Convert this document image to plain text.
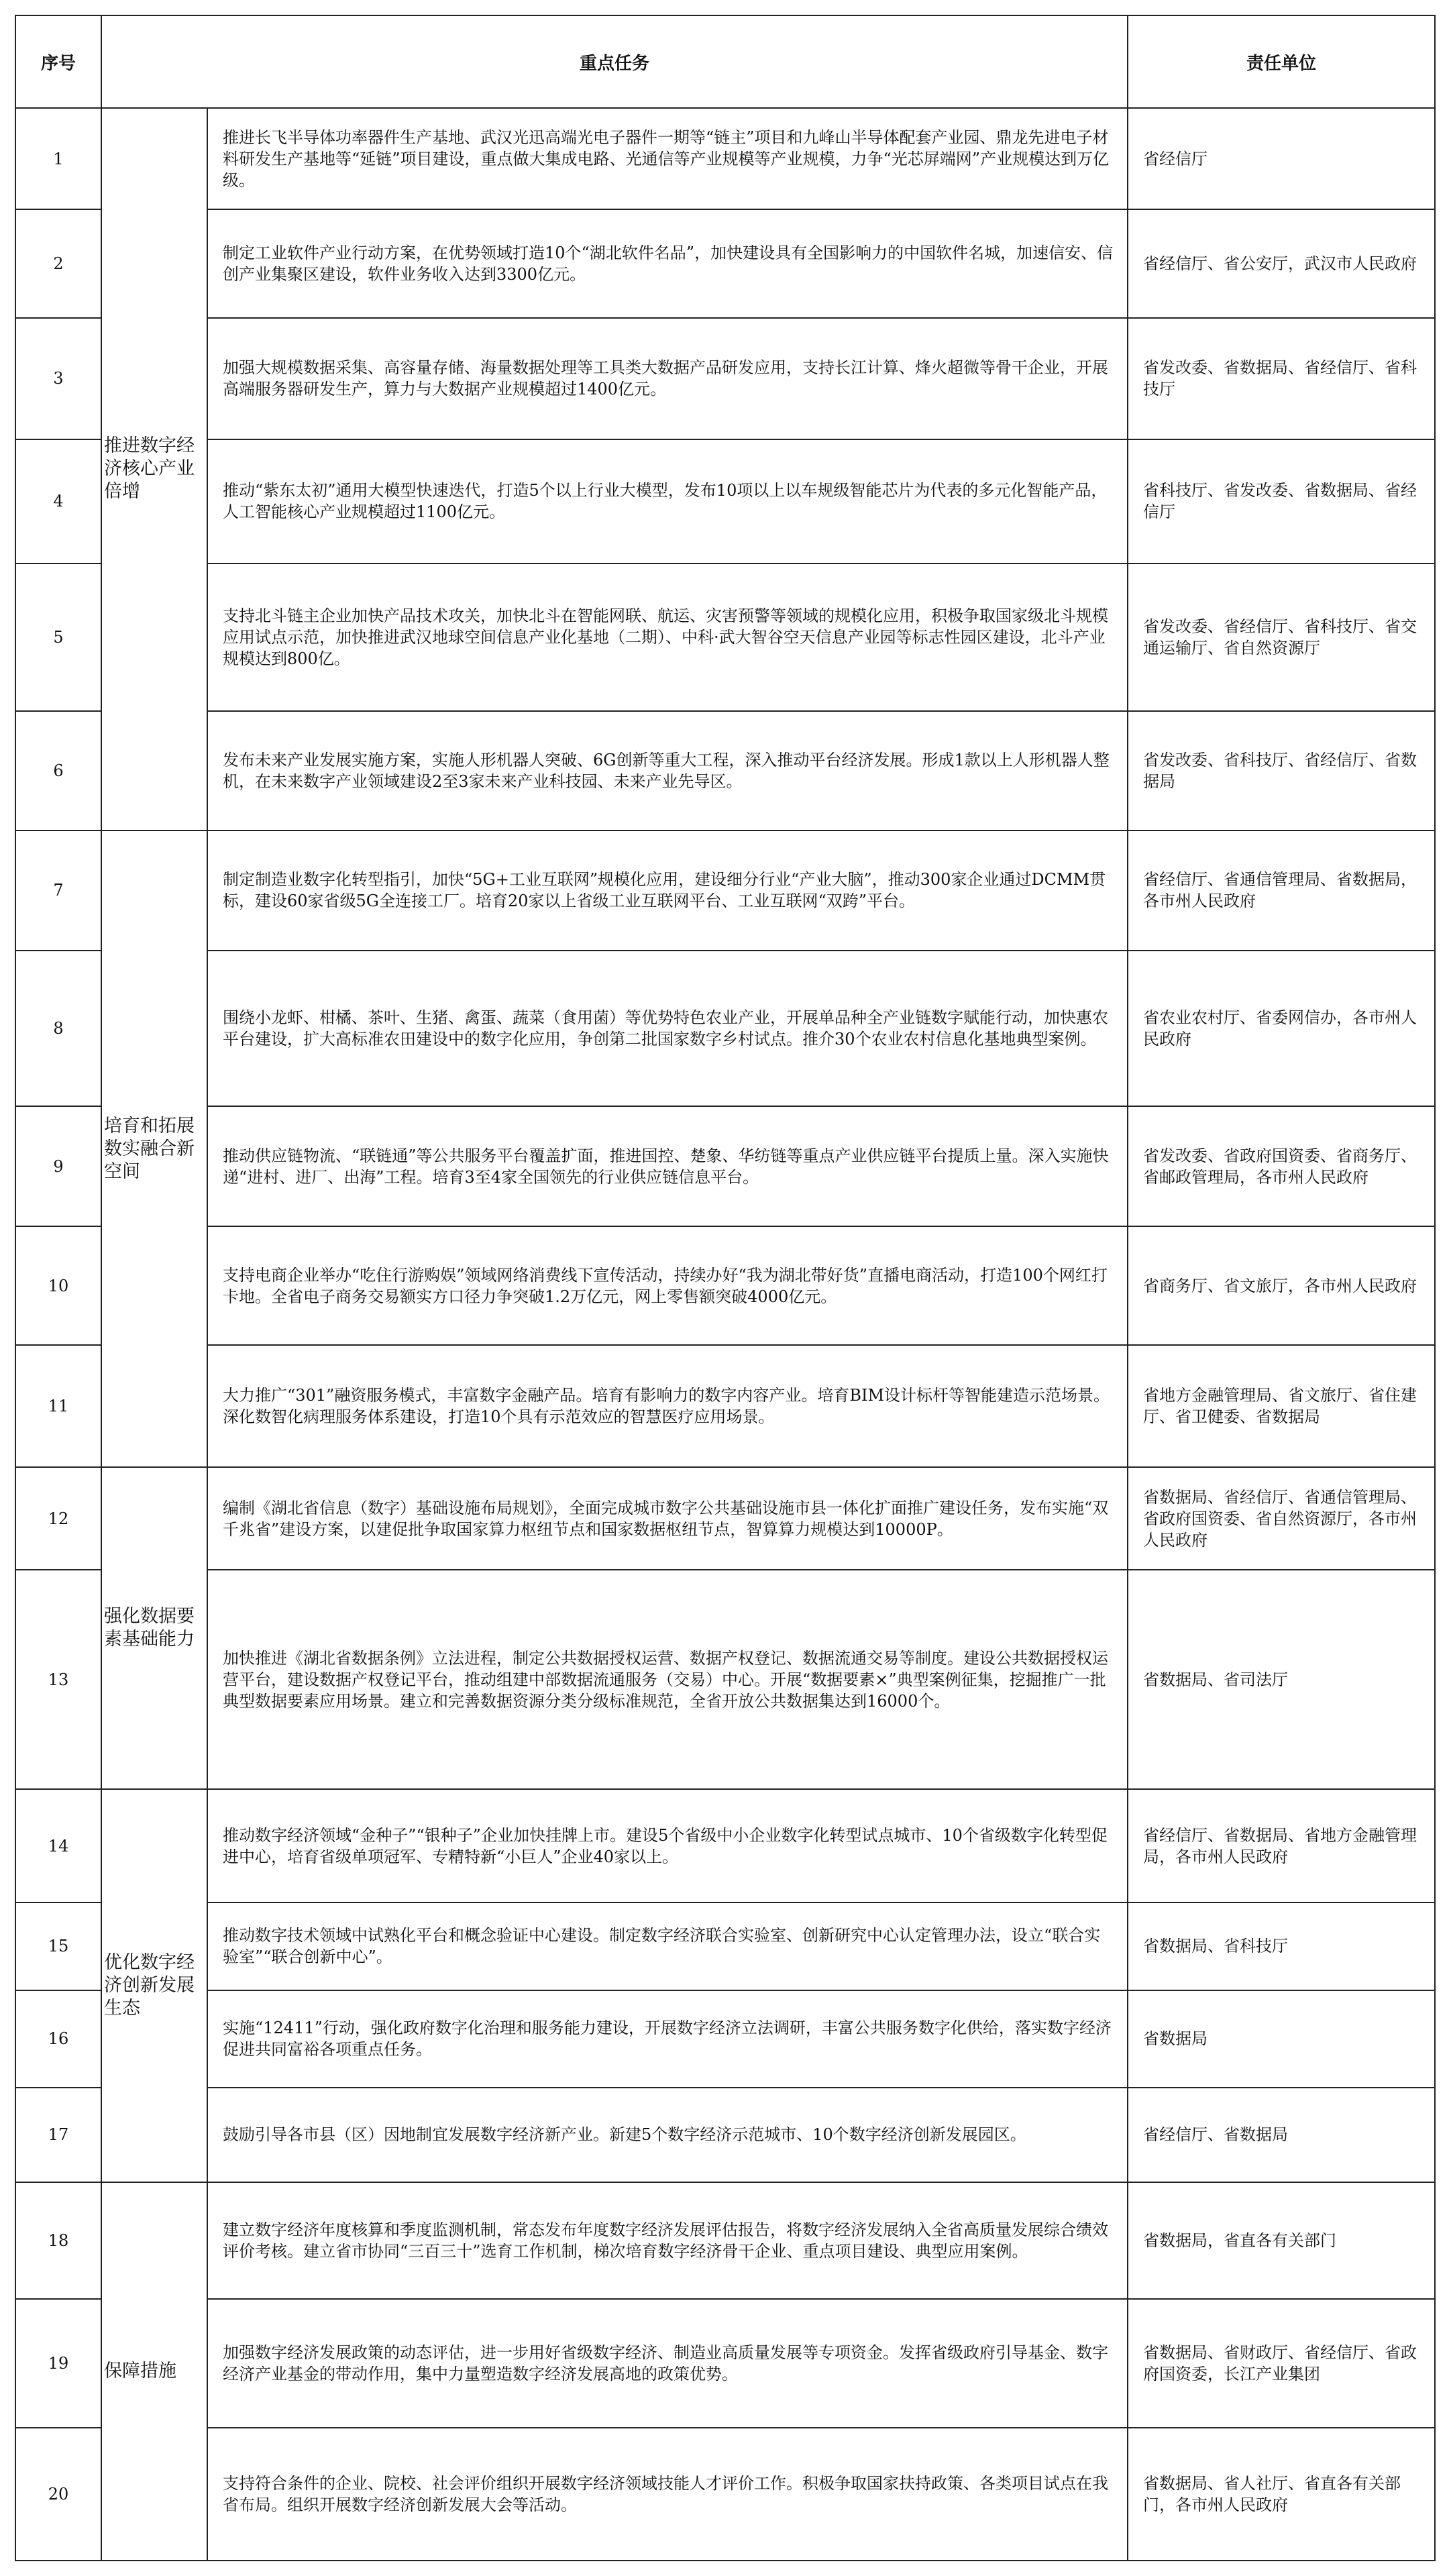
序号	重点任务		责任单位
1	推进数字经济核心产业倍增	推进长飞半导体功率器件生产基地、武汉光迅高端光电子器件一期等“链主”项目和九峰山半导体配套产业园、鼎龙先进电子材料研发生产基地等“延链”项目建设，重点做大集成电路、光通信等产业规模等产业规模，力争“光芯屏端网”产业规模达到万亿级。	省经信厅
2		制定工业软件产业行动方案，在优势领域打造10个“湖北软件名品”，加快建设具有全国影响力的中国软件名城，加速信安、信创产业集聚区建设，软件业务收入达到3300亿元。	省经信厅、省公安厅，武汉市人民政府
3		加强大规模数据采集、高容量存储、海量数据处理等工具类大数据产品研发应用，支持长江计算、烽火超微等骨干企业，开展高端服务器研发生产，算力与大数据产业规模超过1400亿元。	省发改委、省数据局、省经信厅、省科技厅
4		推动“紫东太初”通用大模型快速迭代，打造5个以上行业大模型，发布10项以上以车规级智能芯片为代表的多元化智能产品，人工智能核心产业规模超过1100亿元。	省科技厅、省发改委、省数据局、省经信厅
5		支持北斗链主企业加快产品技术攻关，加快北斗在智能网联、航运、灾害预警等领域的规模化应用，积极争取国家级北斗规模应用试点示范，加快推进武汉地球空间信息产业化基地（二期）、中科·武大智谷空天信息产业园等标志性园区建设，北斗产业规模达到800亿。	省发改委、省经信厅、省科技厅、省交通运输厅、省自然资源厅
6		发布未来产业发展实施方案，实施人形机器人突破、6G创新等重大工程，深入推动平台经济发展。形成1款以上人形机器人整机，在未来数字产业领域建设2至3家未来产业科技园、未来产业先导区。	省发改委、省科技厅、省经信厅、省数据局
7	培育和拓展数实融合新空间	制定制造业数字化转型指引，加快“5G+工业互联网”规模化应用，建设细分行业“产业大脑”，推动300家企业通过DCMM贯标，建设60家省级5G全连接工厂。培育20家以上省级工业互联网平台、工业互联网“双跨”平台。	省经信厅、省通信管理局、省数据局，各市州人民政府
8		围绕小龙虾、柑橘、茶叶、生猪、禽蛋、蔬菜（食用菌）等优势特色农业产业，开展单品种全产业链数字赋能行动，加快惠农平台建设，扩大高标准农田建设中的数字化应用，争创第二批国家数字乡村试点。推介30个农业农村信息化基地典型案例。	省农业农村厅、省委网信办，各市州人民政府
9		推动供应链物流、“联链通”等公共服务平台覆盖扩面，推进国控、楚象、华纺链等重点产业供应链平台提质上量。深入实施快递“进村、进厂、出海”工程。培育3至4家全国领先的行业供应链信息平台。	省发改委、省政府国资委、省商务厅、省邮政管理局，各市州人民政府
10		支持电商企业举办“吃住行游购娱”领域网络消费线下宣传活动，持续办好“我为湖北带好货”直播电商活动，打造100个网红打卡地。全省电子商务交易额实方口径力争突破1.2万亿元，网上零售额突破4000亿元。	省商务厅、省文旅厅，各市州人民政府
11		大力推广“301”融资服务模式，丰富数字金融产品。培育有影响力的数字内容产业。培育BIM设计标杆等智能建造示范场景。深化数智化病理服务体系建设，打造10个具有示范效应的智慧医疗应用场景。	省地方金融管理局、省文旅厅、省住建厅、省卫健委、省数据局
12	强化数据要素基础能力	编制《湖北省信息（数字）基础设施布局规划》，全面完成城市数字公共基础设施市县一体化扩面推广建设任务，发布实施“双千兆省”建设方案，以建促批争取国家算力枢纽节点和国家数据枢纽节点，智算算力规模达到10000P。	省数据局、省经信厅、省通信管理局、省政府国资委、省自然资源厅，各市州人民政府
13		加快推进《湖北省数据条例》立法进程，制定公共数据授权运营、数据产权登记、数据流通交易等制度。建设公共数据授权运营平台，建设数据产权登记平台，推动组建中部数据流通服务（交易）中心。开展“数据要素×”典型案例征集，挖掘推广一批典型数据要素应用场景。建立和完善数据资源分类分级标准规范，全省开放公共数据集达到16000个。	省数据局、省司法厅
14	优化数字经济创新发展生态	推动数字经济领域“金种子”“银种子”企业加快挂牌上市。建设5个省级中小企业数字化转型试点城市、10个省级数字化转型促进中心，培育省级单项冠军、专精特新“小巨人”企业40家以上。	省经信厅、省数据局、省地方金融管理局，各市州人民政府
15		推动数字技术领域中试熟化平台和概念验证中心建设。制定数字经济联合实验室、创新研究中心认定管理办法，设立“联合实验室”“联合创新中心”。	省数据局、省科技厅
16		实施“12411”行动，强化政府数字化治理和服务能力建设，开展数字经济立法调研，丰富公共服务数字化供给，落实数字经济促进共同富裕各项重点任务。	省数据局
17		鼓励引导各市县（区）因地制宜发展数字经济新产业。新建5个数字经济示范城市、10个数字经济创新发展园区。	省经信厅、省数据局
18	保障措施	建立数字经济年度核算和季度监测机制，常态发布年度数字经济发展评估报告，将数字经济发展纳入全省高质量发展综合绩效评价考核。建立省市协同“三百三十”选育工作机制，梯次培育数字经济骨干企业、重点项目建设、典型应用案例。	省数据局，省直各有关部门
19		加强数字经济发展政策的动态评估，进一步用好省级数字经济、制造业高质量发展等专项资金。发挥省级政府引导基金、数字经济产业基金的带动作用，集中力量塑造数字经济发展高地的政策优势。	省数据局、省财政厅、省经信厅、省政府国资委，长江产业集团
20		支持符合条件的企业、院校、社会评价组织开展数字经济领域技能人才评价工作。积极争取国家扶持政策、各类项目试点在我省布局。组织开展数字经济创新发展大会等活动。	省数据局、省人社厅、省直各有关部门，各市州人民政府
